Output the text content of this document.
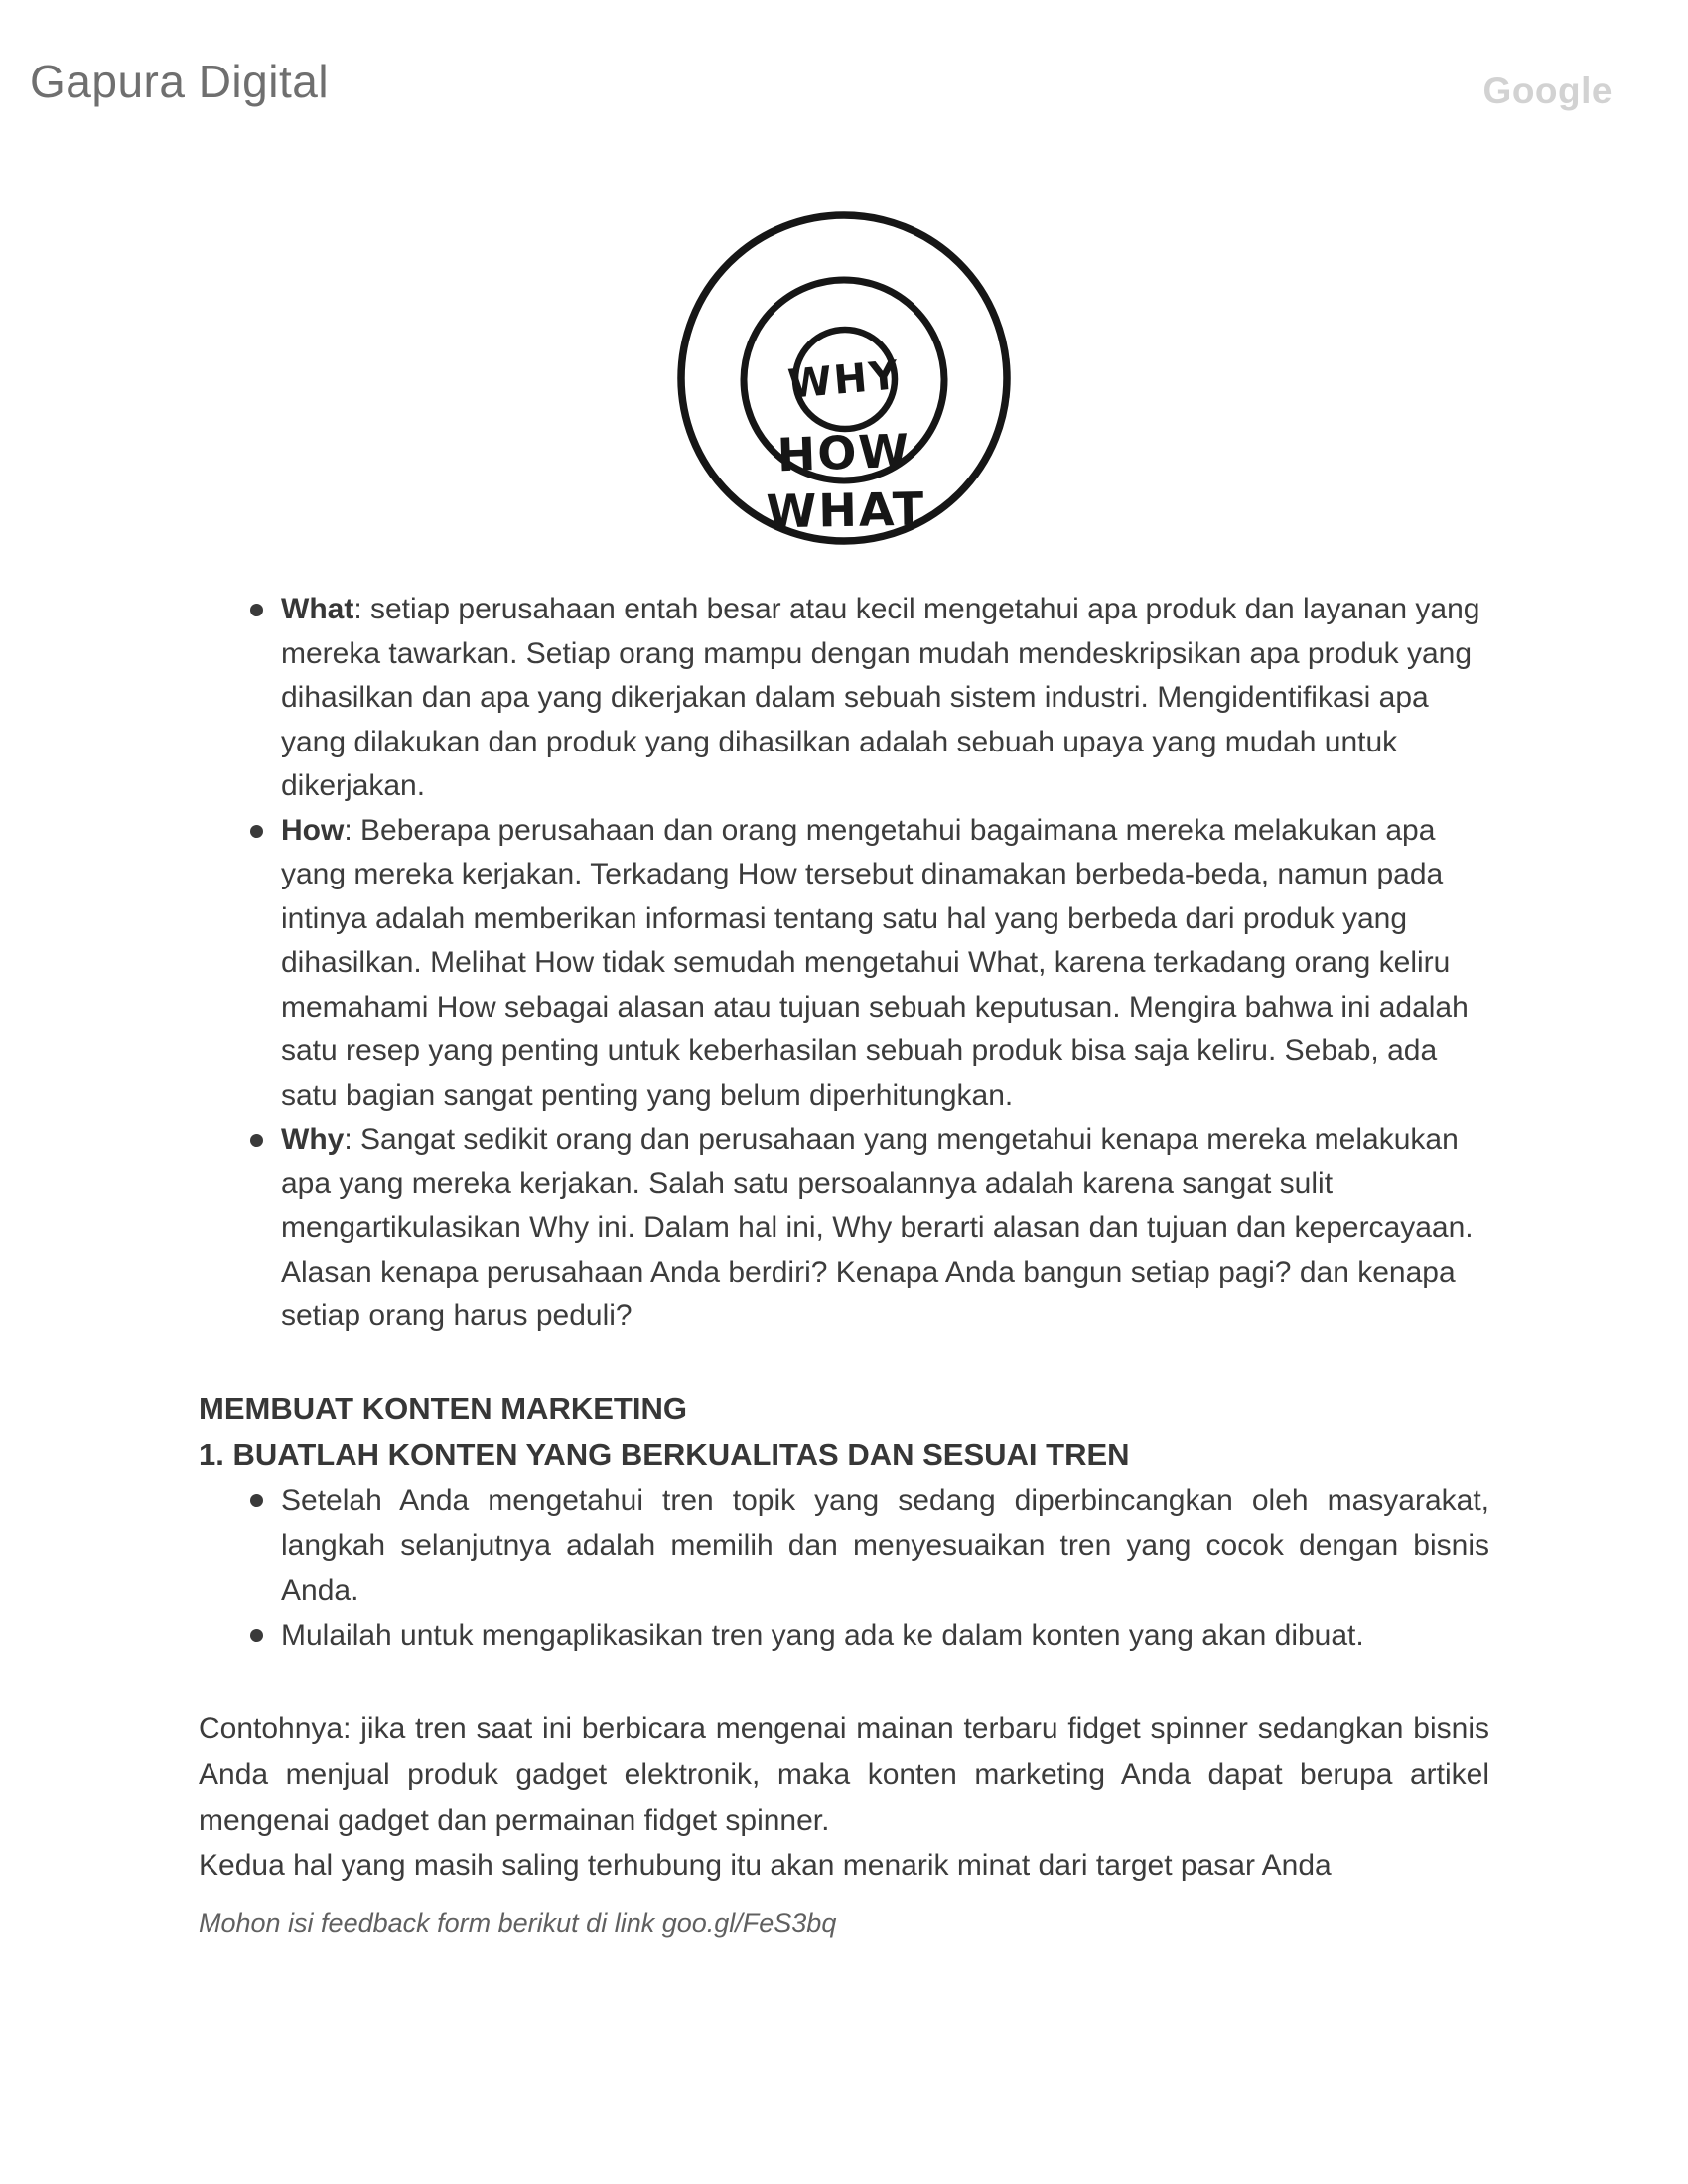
Gapura Digital	Google
WHY
HOW
WHAT
What: setiap perusahaan entah besar atau kecil mengetahui apa produk dan layanan yang mereka tawarkan. Setiap orang mampu dengan mudah mendeskripsikan apa produk yang dihasilkan dan apa yang dikerjakan dalam sebuah sistem industri. Mengidentifikasi apa yang dilakukan dan produk yang dihasilkan adalah sebuah upaya yang mudah untuk dikerjakan.
How: Beberapa perusahaan dan orang mengetahui bagaimana mereka melakukan apa yang mereka kerjakan. Terkadang How tersebut dinamakan berbeda-beda, namun pada intinya adalah memberikan informasi tentang satu hal yang berbeda dari produk yang dihasilkan. Melihat How tidak semudah mengetahui What, karena terkadang orang keliru memahami How sebagai alasan atau tujuan sebuah keputusan. Mengira bahwa ini adalah satu resep yang penting untuk keberhasilan sebuah produk bisa saja keliru. Sebab, ada satu bagian sangat penting yang belum diperhitungkan.
Why: Sangat sedikit orang dan perusahaan yang mengetahui kenapa mereka melakukan apa yang mereka kerjakan. Salah satu persoalannya adalah karena sangat sulit mengartikulasikan Why ini. Dalam hal ini, Why berarti alasan dan tujuan dan kepercayaan. Alasan kenapa perusahaan Anda berdiri? Kenapa Anda bangun setiap pagi? dan kenapa setiap orang harus peduli?
MEMBUAT KONTEN MARKETING
1. BUATLAH KONTEN YANG BERKUALITAS DAN SESUAI TREN
Setelah Anda mengetahui tren topik yang sedang diperbincangkan oleh masyarakat, langkah selanjutnya adalah memilih dan menyesuaikan tren yang cocok dengan bisnis Anda.
Mulailah untuk mengaplikasikan tren yang ada ke dalam konten yang akan dibuat.

Contohnya: jika tren saat ini berbicara mengenai mainan terbaru fidget spinner sedangkan bisnis Anda menjual produk gadget elektronik, maka konten marketing Anda dapat berupa artikel mengenai gadget dan permainan fidget spinner.

Kedua hal yang masih saling terhubung itu akan menarik minat dari target pasar Anda

Mohon isi feedback form berikut di link goo.gl/FeS3bq
